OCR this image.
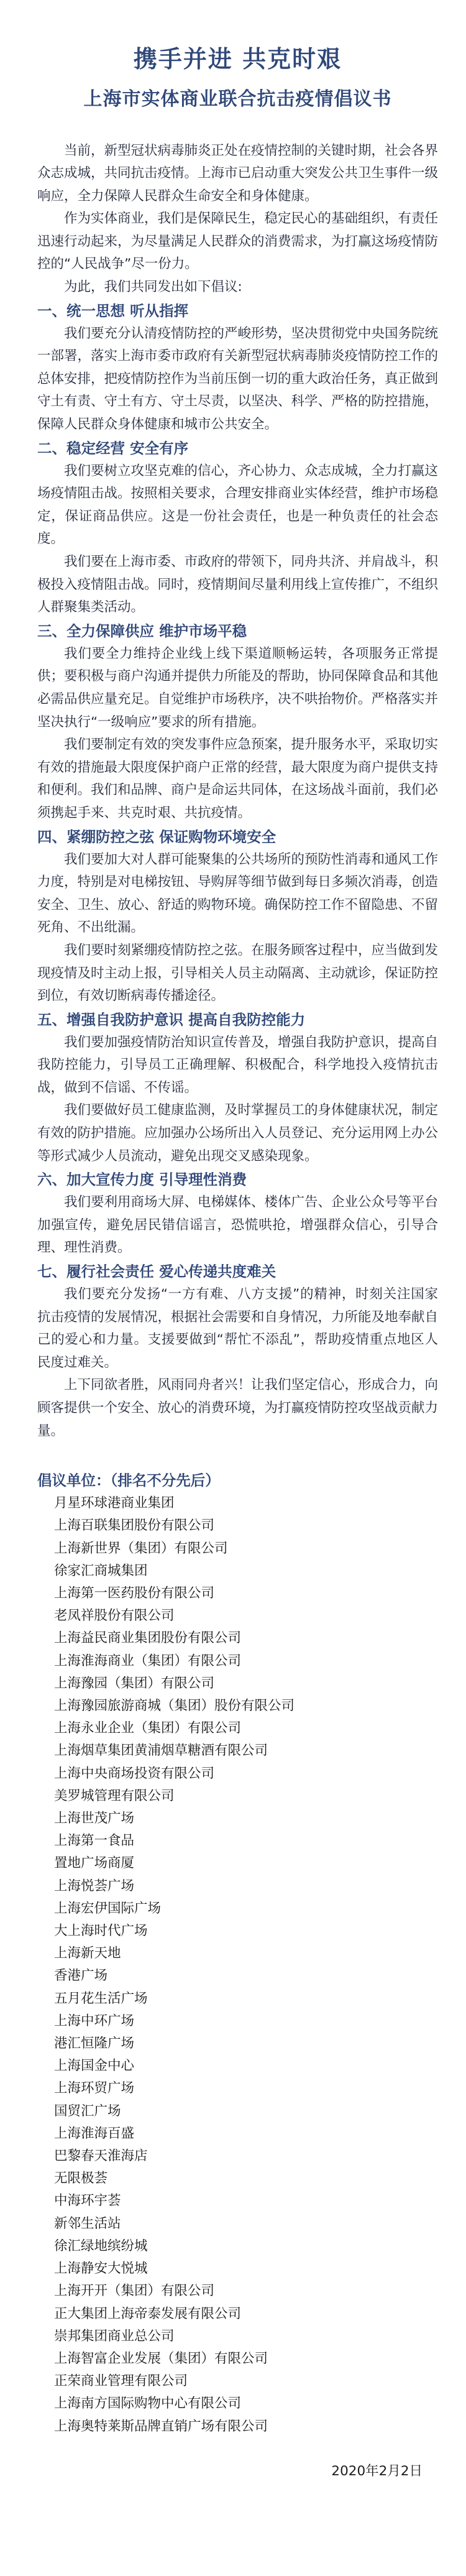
携手并进 共克时艰
上海市实体商业联合抗击疫情倡议书
当前，新型冠状病毒肺炎正处在疫情控制的关键时期，社会各界众志成城，共同抗击疫情。上海市已启动重大突发公共卫生事件一级响应，全力保障人民群众生命安全和身体健康。
作为实体商业，我们是保障民生，稳定民心的基础组织，有责任迅速行动起来，为尽量满足人民群众的消费需求，为打赢这场疫情防控的“人民战争”尽一份力。
为此，我们共同发出如下倡议:
一、统一思想 听从指挥
我们要充分认清疫情防控的严峻形势，坚决贯彻党中央国务院统一部署，落实上海市委市政府有关新型冠状病毒肺炎疫情防控工作的总体安排，把疫情防控作为当前压倒一切的重大政治任务，真正做到守土有责、守土有方、守土尽责，以坚决、科学、严格的防控措施，保障人民群众身体健康和城市公共安全。
二、稳定经营 安全有序
我们要树立攻坚克难的信心，齐心协力、众志成城，全力打赢这场疫情阻击战。按照相关要求，合理安排商业实体经营，维护市场稳定，保证商品供应。这是一份社会责任，也是一种负责任的社会态度。
我们要在上海市委、市政府的带领下，同舟共济、并肩战斗，积极投入疫情阻击战。同时，疫情期间尽量利用线上宣传推广，不组织人群聚集类活动。
三、全力保障供应 维护市场平稳
我们要全力维持企业线上线下渠道顺畅运转，各项服务正常提供；要积极与商户沟通并提供力所能及的帮助，协同保障食品和其他必需品供应量充足。自觉维护市场秩序，决不哄抬物价。严格落实并坚决执行“一级响应”要求的所有措施。
我们要制定有效的突发事件应急预案，提升服务水平，采取切实有效的措施最大限度保护商户正常的经营，最大限度为商户提供支持和便利。我们和品牌、商户是命运共同体，在这场战斗面前，我们必须携起手来、共克时艰、共抗疫情。
四、紧绷防控之弦 保证购物环境安全
我们要加大对人群可能聚集的公共场所的预防性消毒和通风工作力度，特别是对电梯按钮、导购屏等细节做到每日多频次消毒，创造安全、卫生、放心、舒适的购物环境。确保防控工作不留隐患、不留死角、不出纰漏。
我们要时刻紧绷疫情防控之弦。在服务顾客过程中，应当做到发现疫情及时主动上报，引导相关人员主动隔离、主动就诊，保证防控到位，有效切断病毒传播途径。
五、增强自我防护意识 提高自我防控能力
我们要加强疫情防治知识宣传普及，增强自我防护意识，提高自我防控能力，引导员工正确理解、积极配合，科学地投入疫情抗击战，做到不信谣、不传谣。
我们要做好员工健康监测，及时掌握员工的身体健康状况，制定有效的防护措施。应加强办公场所出入人员登记、充分运用网上办公等形式减少人员流动，避免出现交叉感染现象。
六、加大宣传力度 引导理性消费
我们要利用商场大屏、电梯媒体、楼体广告、企业公众号等平台加强宣传，避免居民错信谣言，恐慌哄抢，增强群众信心，引导合理、理性消费。
七、履行社会责任 爱心传递共度难关
我们要充分发扬“一方有难、八方支援”的精神，时刻关注国家抗击疫情的发展情况，根据社会需要和自身情况，力所能及地奉献自己的爱心和力量。支援要做到“帮忙不添乱”，帮助疫情重点地区人民度过难关。
上下同欲者胜，风雨同舟者兴！让我们坚定信心，形成合力，向顾客提供一个安全、放心的消费环境，为打赢疫情防控攻坚战贡献力量。
倡议单位：（排名不分先后）
月星环球港商业集团
上海百联集团股份有限公司
上海新世界（集团）有限公司
徐家汇商城集团
上海第一医药股份有限公司
老凤祥股份有限公司
上海益民商业集团股份有限公司
上海淮海商业（集团）有限公司
上海豫园（集团）有限公司
上海豫园旅游商城（集团）股份有限公司
上海永业企业（集团）有限公司
上海烟草集团黄浦烟草糖酒有限公司
上海中央商场投资有限公司
美罗城管理有限公司
上海世茂广场
上海第一食品
置地广场商厦
上海悦荟广场
上海宏伊国际广场
大上海时代广场
上海新天地
香港广场
五月花生活广场
上海中环广场
港汇恒隆广场
上海国金中心
上海环贸广场
国贸汇广场
上海淮海百盛
巴黎春天淮海店
无限极荟
中海环宇荟
新邻生活站
徐汇绿地缤纷城
上海静安大悦城
上海开开（集团）有限公司
正大集团上海帝泰发展有限公司
崇邦集团商业总公司
上海智富企业发展（集团）有限公司
正荣商业管理有限公司
上海南方国际购物中心有限公司
上海奥特莱斯品牌直销广场有限公司
2020年2月2日
